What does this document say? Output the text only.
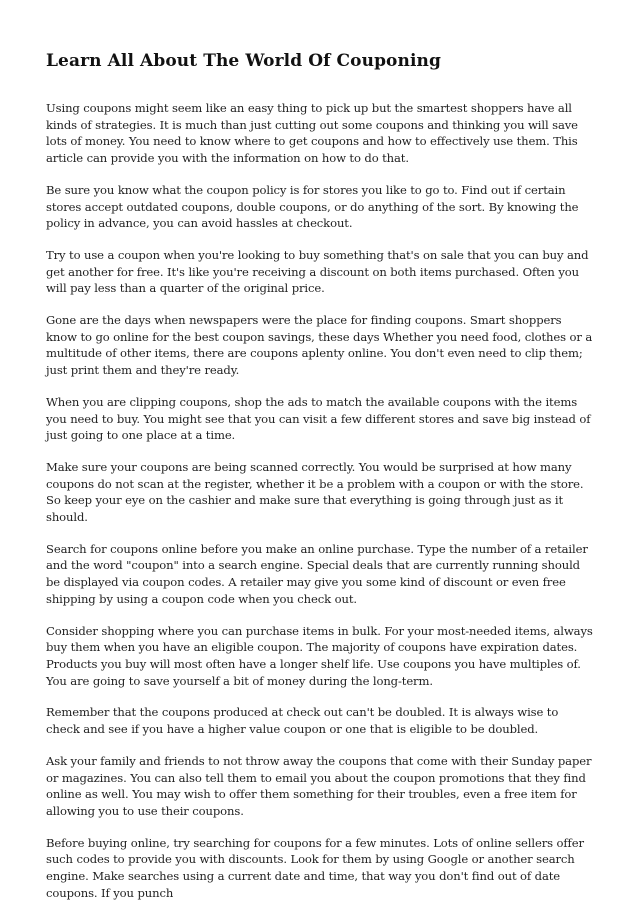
Learn All About The World Of Couponing

Using coupons might seem like an easy thing to pick up but the smartest shoppers have all kinds of strategies. It is much than just cutting out some coupons and thinking you will save lots of money. You need to know where to get coupons and how to effectively use them. This article can provide you with the information on how to do that.

Be sure you know what the coupon policy is for stores you like to go to. Find out if certain stores accept outdated coupons, double coupons, or do anything of the sort. By knowing the policy in advance, you can avoid hassles at checkout.

Try to use a coupon when you're looking to buy something that's on sale that you can buy and get another for free. It's like you're receiving a discount on both items purchased. Often you will pay less than a quarter of the original price.

Gone are the days when newspapers were the place for finding coupons. Smart shoppers know to go online for the best coupon savings, these days Whether you need food, clothes or a multitude of other items, there are coupons aplenty online. You don't even need to clip them; just print them and they're ready.

When you are clipping coupons, shop the ads to match the available coupons with the items you need to buy. You might see that you can visit a few different stores and save big instead of just going to one place at a time.

Make sure your coupons are being scanned correctly. You would be surprised at how many coupons do not scan at the register, whether it be a problem with a coupon or with the store. So keep your eye on the cashier and make sure that everything is going through just as it should.

Search for coupons online before you make an online purchase. Type the number of a retailer and the word "coupon" into a search engine. Special deals that are currently running should be displayed via coupon codes. A retailer may give you some kind of discount or even free shipping by using a coupon code when you check out.

Consider shopping where you can purchase items in bulk. For your most-needed items, always buy them when you have an eligible coupon. The majority of coupons have expiration dates. Products you buy will most often have a longer shelf life. Use coupons you have multiples of. You are going to save yourself a bit of money during the long-term.

Remember that the coupons produced at check out can't be doubled. It is always wise to check and see if you have a higher value coupon or one that is eligible to be doubled.

Ask your family and friends to not throw away the coupons that come with their Sunday paper or magazines. You can also tell them to email you about the coupon promotions that they find online as well. You may wish to offer them something for their troubles, even a free item for allowing you to use their coupons.

Before buying online, try searching for coupons for a few minutes. Lots of online sellers offer such codes to provide you with discounts. Look for them by using Google or another search engine. Make searches using a current date and time, that way you don't find out of date coupons. If you punch
